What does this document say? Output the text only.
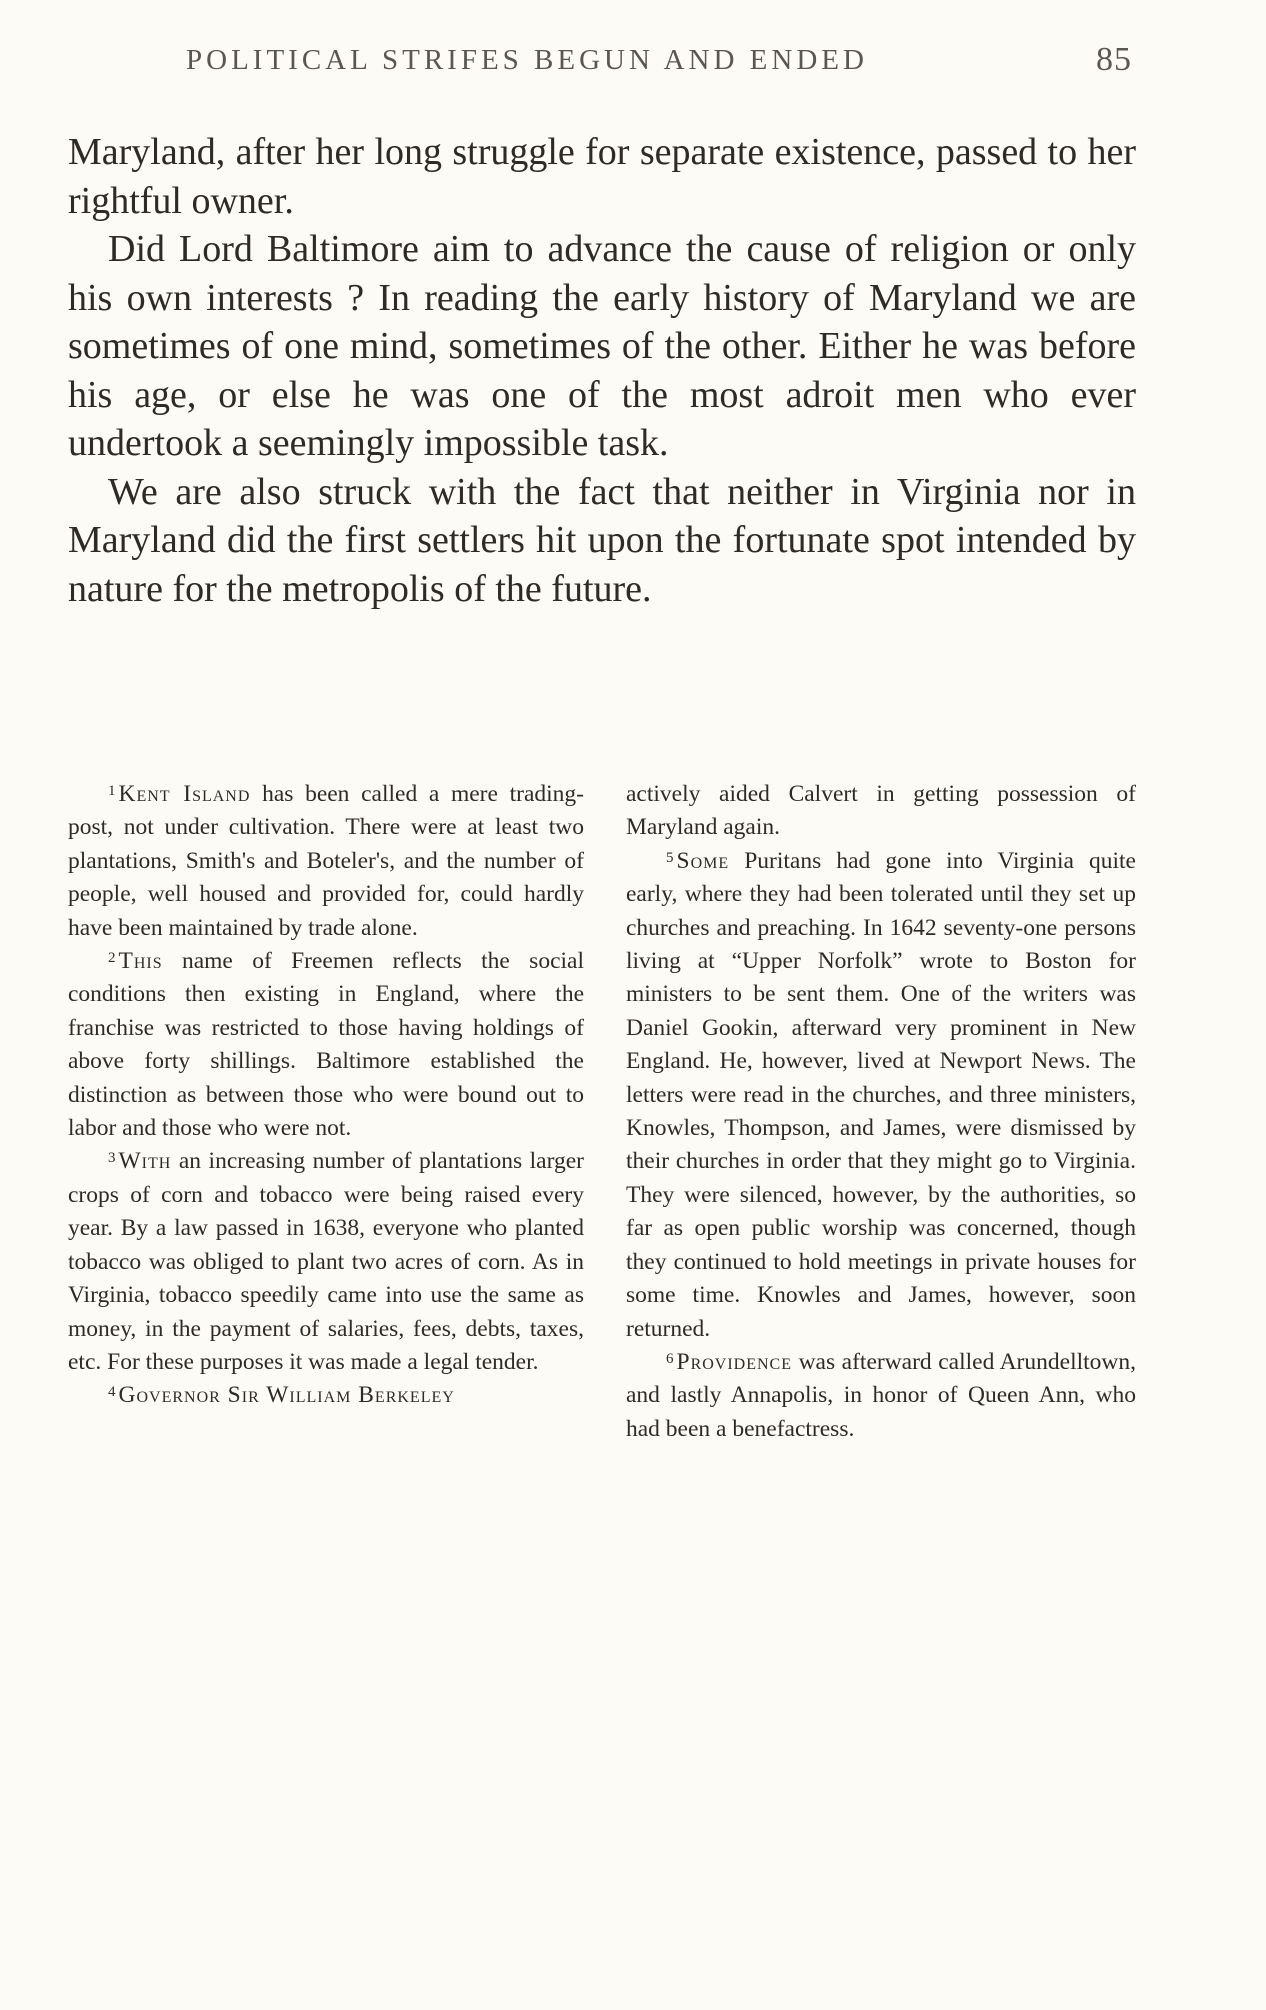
POLITICAL STRIFES BEGUN AND ENDED	85

Maryland, after her long struggle for separate existence, passed to her rightful owner.

Did Lord Baltimore aim to advance the cause of religion or only his own interests ? In reading the early history of Maryland we are sometimes of one mind, sometimes of the other. Either he was before his age, or else he was one of the most adroit men who ever undertook a seemingly impossible task.

We are also struck with the fact that neither in Virginia nor in Maryland did the first settlers hit upon the fortunate spot intended by nature for the metropolis of the future.

$^1$ Kent Island has been called a mere trading-post, not under cultivation. There were at least two plantations, Smith's and Boteler's, and the number of people, well housed and provided for, could hardly have been maintained by trade alone.

$^2$ This name of Freemen reflects the social conditions then existing in England, where the franchise was restricted to those having holdings of above forty shillings. Baltimore established the distinction as between those who were bound out to labor and those who were not.

$^3$ With an increasing number of plantations larger crops of corn and tobacco were being raised every year. By a law passed in 1638, everyone who planted tobacco was obliged to plant two acres of corn. As in Virginia, tobacco speedily came into use the same as money, in the payment of salaries, fees, debts, taxes, etc. For these purposes it was made a legal tender.

$^4$ Governor Sir William Berkeley

actively aided Calvert in getting possession of Maryland again.

$^5$ Some Puritans had gone into Virginia quite early, where they had been tolerated until they set up churches and preaching. In 1642 seventy-one persons living at “Upper Norfolk” wrote to Boston for ministers to be sent them. One of the writers was Daniel Gookin, afterward very prominent in New England. He, however, lived at Newport News. The letters were read in the churches, and three ministers, Knowles, Thompson, and James, were dismissed by their churches in order that they might go to Virginia. They were silenced, however, by the authorities, so far as open public worship was concerned, though they continued to hold meetings in private houses for some time. Knowles and James, however, soon returned.

$^6$ Providence was afterward called Arundelltown, and lastly Annapolis, in honor of Queen Ann, who had been a benefactress.
